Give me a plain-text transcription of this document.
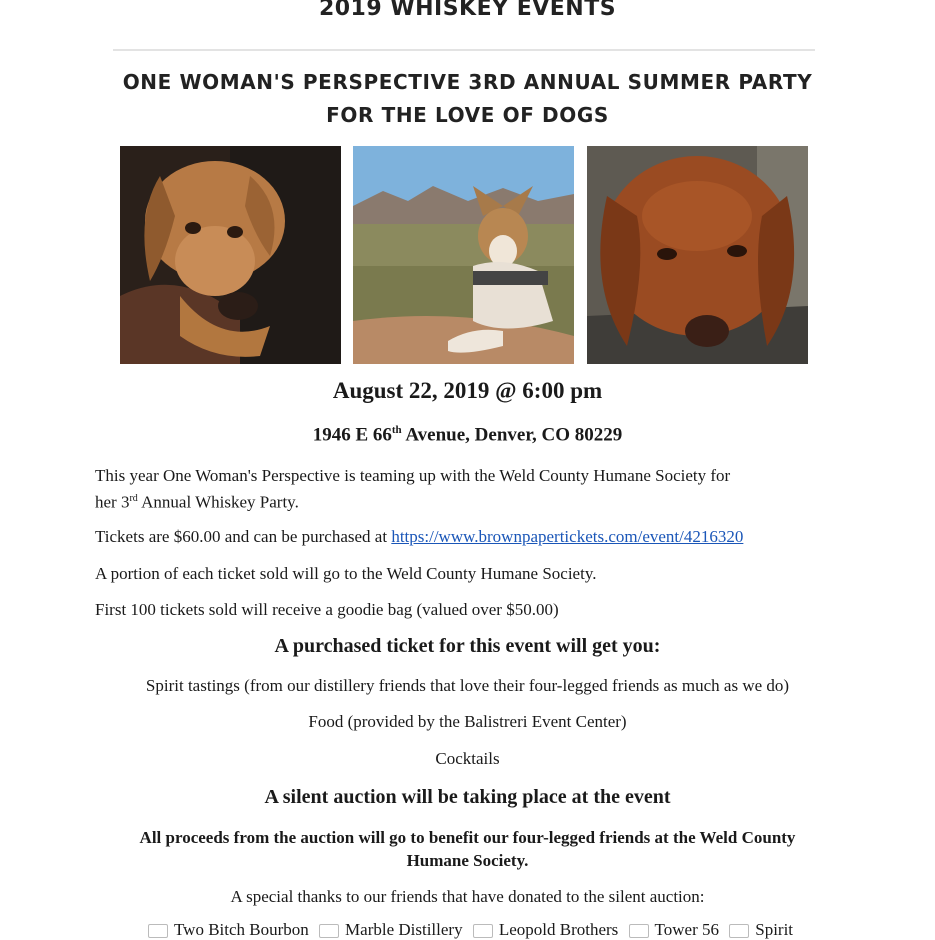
2019 WHISKEY EVENTS
ONE WOMAN'S PERSPECTIVE 3RD ANNUAL SUMMER PARTY
FOR THE LOVE OF DOGS
August 22, 2019 @ 6:00 pm
1946 E 66th Avenue, Denver, CO 80229
This year One Woman's Perspective is teaming up with the Weld County Humane Society for
her 3rd Annual Whiskey Party.
Tickets are $60.00 and can be purchased at https://www.brownpapertickets.com/event/4216320
A portion of each ticket sold will go to the Weld County Humane Society.
First 100 tickets sold will receive a goodie bag (valued over $50.00)
A purchased ticket for this event will get you:
Spirit tastings (from our distillery friends that love their four-legged friends as much as we do)
Food (provided by the Balistreri Event Center)
Cocktails
A silent auction will be taking place at the event
All proceeds from the auction will go to benefit our four-legged friends at the Weld County
Humane Society.
A special thanks to our friends that have donated to the silent auction:
Two Bitch Bourbon Marble Distillery Leopold Brothers Tower 56 Spirit
